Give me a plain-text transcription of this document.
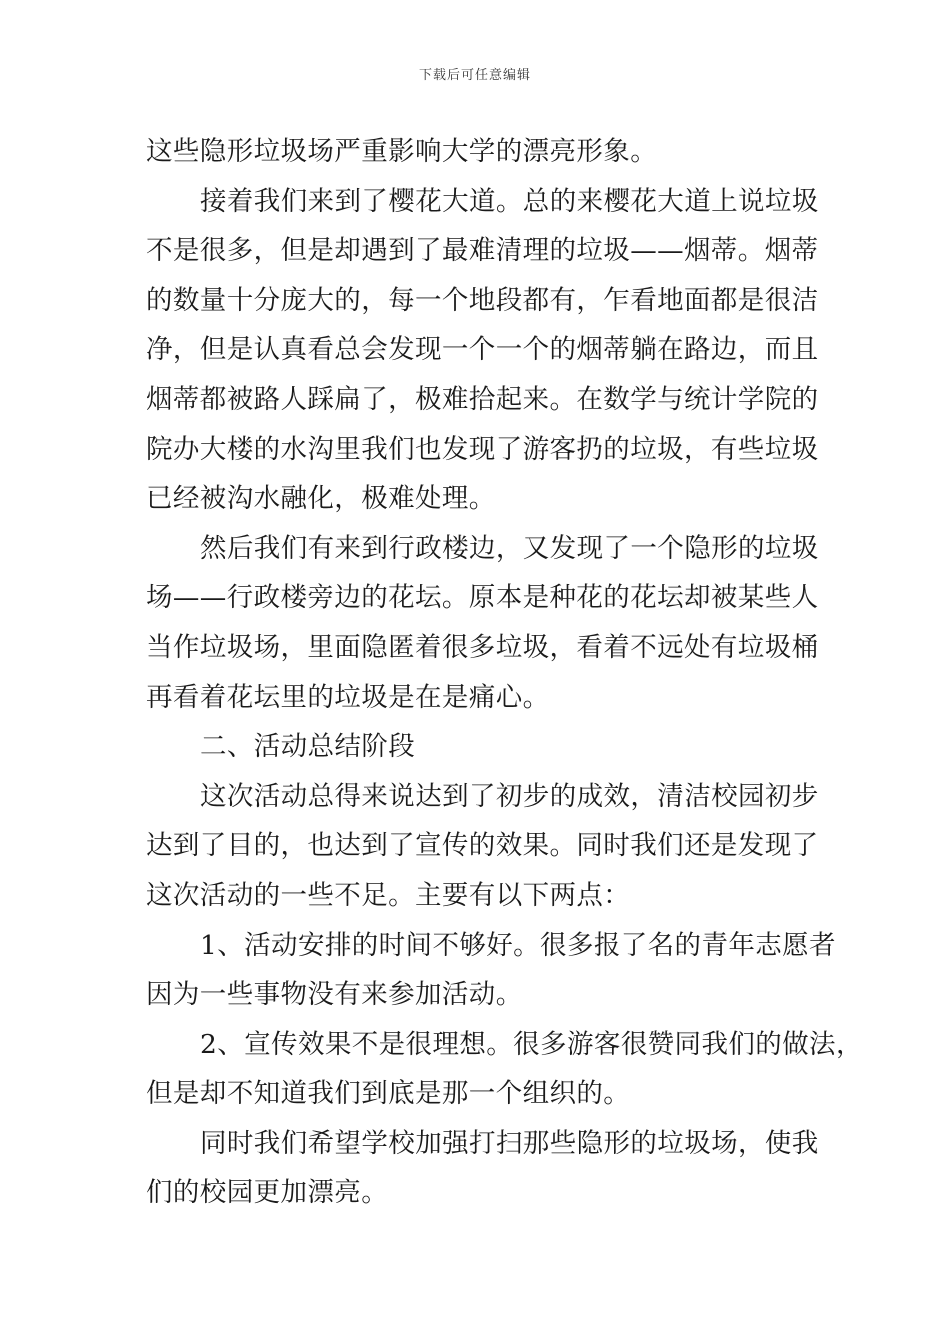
下载后可任意编辑
这些隐形垃圾场严重影响大学的漂亮形象。
接着我们来到了樱花大道。总的来樱花大道上说垃圾
不是很多，但是却遇到了最难清理的垃圾——烟蒂。烟蒂
的数量十分庞大的，每一个地段都有，乍看地面都是很洁
净，但是认真看总会发现一个一个的烟蒂躺在路边，而且
烟蒂都被路人踩扁了，极难拾起来。在数学与统计学院的
院办大楼的水沟里我们也发现了游客扔的垃圾，有些垃圾
已经被沟水融化，极难处理。
然后我们有来到行政楼边，又发现了一个隐形的垃圾
场——行政楼旁边的花坛。原本是种花的花坛却被某些人
当作垃圾场，里面隐匿着很多垃圾，看着不远处有垃圾桶
再看着花坛里的垃圾是在是痛心。
二、活动总结阶段
这次活动总得来说达到了初步的成效，清洁校园初步
达到了目的，也达到了宣传的效果。同时我们还是发现了
这次活动的一些不足。主要有以下两点：
1、活动安排的时间不够好。很多报了名的青年志愿者
因为一些事物没有来参加活动。
2、宣传效果不是很理想。很多游客很赞同我们的做法，
但是却不知道我们到底是那一个组织的。
同时我们希望学校加强打扫那些隐形的垃圾场，使我
们的校园更加漂亮。
